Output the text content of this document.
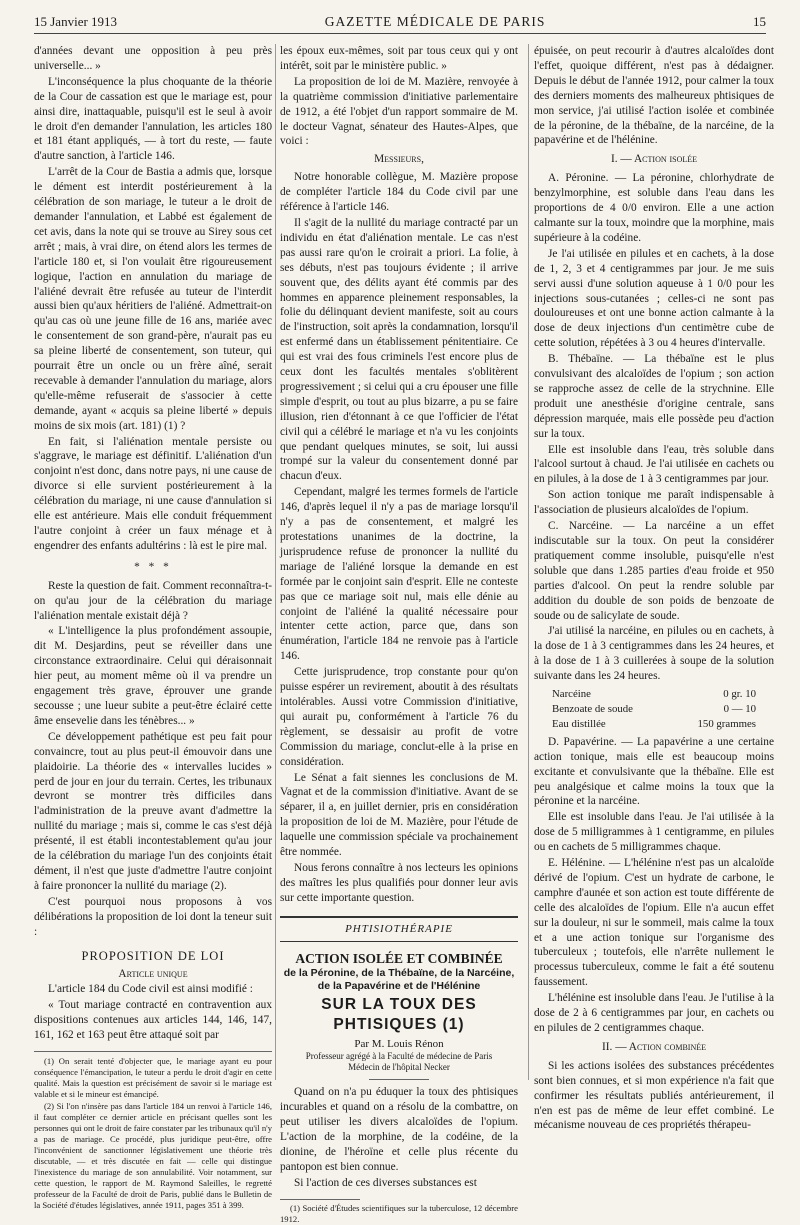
15 Janvier 1913	GAZETTE MÉDICALE DE PARIS	15

d'années devant une opposition à peu près universelle... »

L'inconséquence la plus choquante de la théorie de la Cour de cassation est que le mariage est, pour ainsi dire, inattaquable, puisqu'il est le seul à avoir le droit d'en demander l'annulation, les articles 180 et 181 étant appliqués, — à tort du reste, — faute d'autre sanction, à l'article 146.

L'arrêt de la Cour de Bastia a admis que, lorsque le dément est interdit postérieurement à la célébration de son mariage, le tuteur a le droit de demander l'annulation, et Labbé est également de cet avis, dans la note qui se trouve au Sirey sous cet arrêt ; mais, à vrai dire, on étend alors les termes de l'article 180 et, si l'on voulait être rigoureusement logique, l'action en annulation du mariage de l'aliéné devrait être refusée au tuteur de l'interdit aussi bien qu'aux héritiers de l'aliéné. Admettrait-on qu'au cas où une jeune fille de 16 ans, mariée avec le consentement de son grand-père, n'aurait pas eu sa pleine liberté de consentement, son tuteur, qui pourrait être un oncle ou un frère aîné, serait recevable à demander l'annulation du mariage, alors qu'elle-même refuserait de s'associer à cette demande, ayant « acquis sa pleine liberté » depuis moins de six mois (art. 181) (1) ?

En fait, si l'aliénation mentale persiste ou s'aggrave, le mariage est définitif. L'aliénation d'un conjoint n'est donc, dans notre pays, ni une cause de divorce si elle survient postérieurement à la célébration du mariage, ni une cause d'annulation si elle est antérieure. Mais elle conduit fréquemment l'autre conjoint à créer un faux ménage et à engendrer des enfants adultérins : là est le pire mal.

* * *

Reste la question de fait. Comment reconnaîtra-t-on qu'au jour de la célébration du mariage l'aliénation mentale existait déjà ?

« L'intelligence la plus profondément assoupie, dit M. Desjardins, peut se réveiller dans une circonstance extraordinaire. Celui qui déraisonnait hier peut, au moment même où il va prendre un engagement très grave, éprouver une grande secousse ; une lueur subite a peut-être éclairé cette âme ensevelie dans les ténèbres... »

Ce développement pathétique est peu fait pour convaincre, tout au plus peut-il émouvoir dans une plaidoirie. La théorie des « intervalles lucides » perd de jour en jour du terrain. Certes, les tribunaux devront se montrer très difficiles dans l'administration de la preuve avant d'admettre la nullité du mariage ; mais si, comme le cas s'est déjà présenté, il est établi incontestablement qu'au jour de la célébration du mariage l'un des conjoints était dément, il n'est que juste d'admettre l'autre conjoint à faire prononcer la nullité du mariage (2).

C'est pourquoi nous proposons à vos délibérations la proposition de loi dont la teneur suit :

PROPOSITION DE LOI
Article unique

L'article 184 du Code civil est ainsi modifié :

« Tout mariage contracté en contravention aux dispositions contenues aux articles 144, 146, 147, 161, 162 et 163 peut être attaqué soit par

(1) On serait tenté d'objecter que, le mariage ayant eu pour conséquence l'émancipation, le tuteur a perdu le droit d'agir en cette qualité. Mais la question est précisément de savoir si le mariage est valable et si le mineur est émancipé.

(2) Si l'on n'insère pas dans l'article 184 un renvoi à l'article 146, il faut compléter ce dernier article en précisant quelles sont les personnes qui ont le droit de faire constater par les tribunaux qu'il n'y a pas de mariage. Ce procédé, plus juridique peut-être, offre l'inconvénient de sanctionner législativement une théorie très discutable, — et très discutée en fait — celle qui distingue l'inexistence du mariage de son annulabilité. Voir notamment, sur cette question, le rapport de M. Raymond Saleilles, le regretté professeur de la Faculté de droit de Paris, publié dans le Bulletin de la Société d'études législatives, année 1911, pages 351 à 399.

les époux eux-mêmes, soit par tous ceux qui y ont intérêt, soit par le ministère public. »

La proposition de loi de M. Mazière, renvoyée à la quatrième commission d'initiative parlementaire de 1912, a été l'objet d'un rapport sommaire de M. le docteur Vagnat, sénateur des Hautes-Alpes, que voici :

Messieurs,

Notre honorable collègue, M. Mazière propose de compléter l'article 184 du Code civil par une référence à l'article 146.

Il s'agit de la nullité du mariage contracté par un individu en état d'aliénation mentale. Le cas n'est pas aussi rare qu'on le croirait a priori. La folie, à ses débuts, n'est pas toujours évidente ; il arrive souvent que, des délits ayant été commis par des hommes en apparence pleinement responsables, la folie du délinquant devient manifeste, soit au cours de l'instruction, soit après la condamnation, lorsqu'il est enfermé dans un établissement pénitentiaire. Ce qui est vrai des fous criminels l'est encore plus de ceux dont les facultés mentales s'oblitèrent progressivement ; si celui qui a cru épouser une fille simple d'esprit, ou tout au plus bizarre, a pu se faire illusion, rien d'étonnant à ce que l'officier de l'état civil qui a célébré le mariage et n'a vu les conjoints que pendant quelques minutes, se soit, lui aussi trompé sur la valeur du consentement donné par chacun d'eux.

Cependant, malgré les termes formels de l'article 146, d'après lequel il n'y a pas de mariage lorsqu'il n'y a pas de consentement, et malgré les protestations unanimes de la doctrine, la jurisprudence refuse de prononcer la nullité du mariage de l'aliéné lorsque la demande en est formée par le conjoint sain d'esprit. Elle ne conteste pas que ce mariage soit nul, mais elle dénie au conjoint de l'aliéné la qualité nécessaire pour intenter cette action, parce que, dans son énumération, l'article 184 ne renvoie pas à l'article 146.

Cette jurisprudence, trop constante pour qu'on puisse espérer un revirement, aboutit à des résultats intolérables. Aussi votre Commission d'initiative, qui aurait pu, conformément à l'article 76 du règlement, se dessaisir au profit de votre Commission du mariage, conclut-elle à la prise en considération.

Le Sénat a fait siennes les conclusions de M. Vagnat et de la commission d'initiative. Avant de se séparer, il a, en juillet dernier, pris en considération la proposition de loi de M. Mazière, pour l'étude de laquelle une commission spéciale va prochainement être nommée.

Nous ferons connaître à nos lecteurs les opinions des maîtres les plus qualifiés pour donner leur avis sur cette importante question.

PHTISIOTHÉRAPIE
ACTION ISOLÉE ET COMBINÉE
de la Péronine, de la Thébaïne, de la Narcéine,
de la Papavérine et de l'Hélénine
SUR LA TOUX DES PHTISIQUES (1)
Par M. Louis Rénon
Professeur agrégé à la Faculté de médecine de Paris
Médecin de l'hôpital Necker

Quand on n'a pu éduquer la toux des phtisiques incurables et quand on a résolu de la combattre, on peut utiliser les divers alcaloïdes de l'opium. L'action de la morphine, de la codéine, de la dionine, de l'héroïne et celle plus récente du pantopon est bien connue.

Si l'action de ces diverses substances est

(1) Société d'Études scientifiques sur la tuberculose, 12 décembre 1912.

épuisée, on peut recourir à d'autres alcaloïdes dont l'effet, quoique différent, n'est pas à dédaigner. Depuis le début de l'année 1912, pour calmer la toux des derniers moments des malheureux phtisiques de mon service, j'ai utilisé l'action isolée et combinée de la péronine, de la thébaïne, de la narcéine, de la papavérine et de l'hélénine.

I. — Action isolée

A. Péronine. — La péronine, chlorhydrate de benzylmorphine, est soluble dans l'eau dans les proportions de 4 0/0 environ. Elle a une action calmante sur la toux, moindre que la morphine, mais supérieure à la codéine.

Je l'ai utilisée en pilules et en cachets, à la dose de 1, 2, 3 et 4 centigrammes par jour. Je me suis servi aussi d'une solution aqueuse à 1 0/0 pour les injections sous-cutanées ; celles-ci ne sont pas douloureuses et ont une bonne action calmante à la dose de deux injections d'un centimètre cube de cette solution, répétées à 3 ou 4 heures d'intervalle.

B. Thébaïne. — La thébaïne est le plus convulsivant des alcaloïdes de l'opium ; son action se rapproche assez de celle de la strychnine. Elle produit une anesthésie d'origine centrale, sans dépression marquée, mais elle possède peu d'action sur la toux.

Elle est insoluble dans l'eau, très soluble dans l'alcool surtout à chaud. Je l'ai utilisée en cachets ou en pilules, à la dose de 1 à 3 centigrammes par jour.

Son action tonique me paraît indispensable à l'association de plusieurs alcaloïdes de l'opium.

C. Narcéine. — La narcéine a un effet indiscutable sur la toux. On peut la considérer pratiquement comme insoluble, puisqu'elle n'est soluble que dans 1.285 parties d'eau froide et 950 parties d'alcool. On peut la rendre soluble par addition du double de son poids de benzoate de soude ou de salicylate de soude.

J'ai utilisé la narcéine, en pilules ou en cachets, à la dose de 1 à 3 centigrammes dans les 24 heures, et à la dose de 1 à 3 cuillerées à soupe de la solution suivante dans les 24 heures.

Narcéine	0 gr. 10
Benzoate de soude	0 — 10
Eau distillée	150 grammes

D. Papavérine. — La papavérine a une certaine action tonique, mais elle est beaucoup moins excitante et convulsivante que la thébaïne. Elle est peu analgésique et calme moins la toux que la péronine et la narcéine.

Elle est insoluble dans l'eau. Je l'ai utilisée à la dose de 5 milligrammes à 1 centigramme, en pilules ou en cachets de 5 milligrammes chaque.

E. Hélénine. — L'hélénine n'est pas un alcaloïde dérivé de l'opium. C'est un hydrate de carbone, le camphre d'aunée et son action est toute différente de celle des alcaloïdes de l'opium. Elle n'a aucun effet sur la douleur, ni sur le sommeil, mais calme la toux et a une action tonique sur l'organisme des tuberculeux ; toutefois, elle n'arrête nullement le processus tuberculeux, comme le fait a été soutenu faussement.

L'hélénine est insoluble dans l'eau. Je l'utilise à la dose de 2 à 6 centigrammes par jour, en cachets ou en pilules de 2 centigrammes chaque.

II. — Action combinée

Si les actions isolées des substances précédentes sont bien connues, et si mon expérience n'a fait que confirmer les résultats publiés antérieurement, il n'en est pas de même de leur effet combiné. Le mécanisme nouveau de ces propriétés thérapeu-
